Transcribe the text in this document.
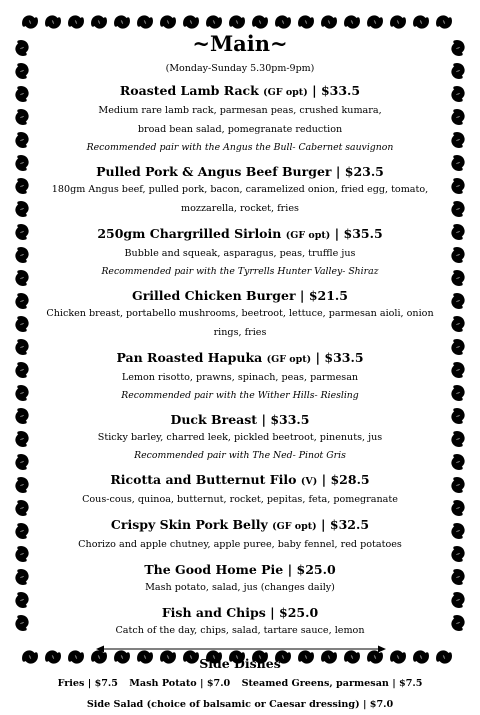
~Main~
(Monday-Sunday 5.30pm-9pm)
Roasted Lamb Rack (GF opt) | $33.5
Medium rare lamb rack, parmesan peas, crushed kumara,
broad bean salad, pomegranate reduction
Recommended pair with the Angus the Bull- Cabernet sauvignon
Pulled Pork & Angus Beef Burger | $23.5
180gm Angus beef, pulled pork, bacon, caramelized onion, fried egg, tomato,
mozzarella, rocket, fries
250gm Chargrilled Sirloin (GF opt) | $35.5
Bubble and squeak, asparagus, peas, truffle jus
Recommended pair with the Tyrrells Hunter Valley- Shiraz
Grilled Chicken Burger | $21.5
Chicken breast, portabello mushrooms, beetroot, lettuce, parmesan aioli, onion rings, fries
Pan Roasted Hapuka (GF opt) | $33.5
Lemon risotto, prawns, spinach, peas, parmesan
Recommended pair with the Wither Hills- Riesling
Duck Breast | $33.5
Sticky barley, charred leek, pickled beetroot, pinenuts, jus
Recommended pair with The Ned- Pinot Gris
Ricotta and Butternut Filo (V) | $28.5
Cous-cous, quinoa, butternut, rocket, pepitas, feta, pomegranate
Crispy Skin Pork Belly (GF opt) | $32.5
Chorizo and apple chutney, apple puree, baby fennel, red potatoes
The Good Home Pie | $25.0
Mash potato, salad, jus (changes daily)
Fish and Chips | $25.0
Catch of the day, chips, salad, tartare sauce, lemon
Side Dishes
Fries | $7.5 Mash Potato | $7.0 Steamed Greens, parmesan | $7.5
Side Salad (choice of balsamic or Caesar dressing) | $7.0
